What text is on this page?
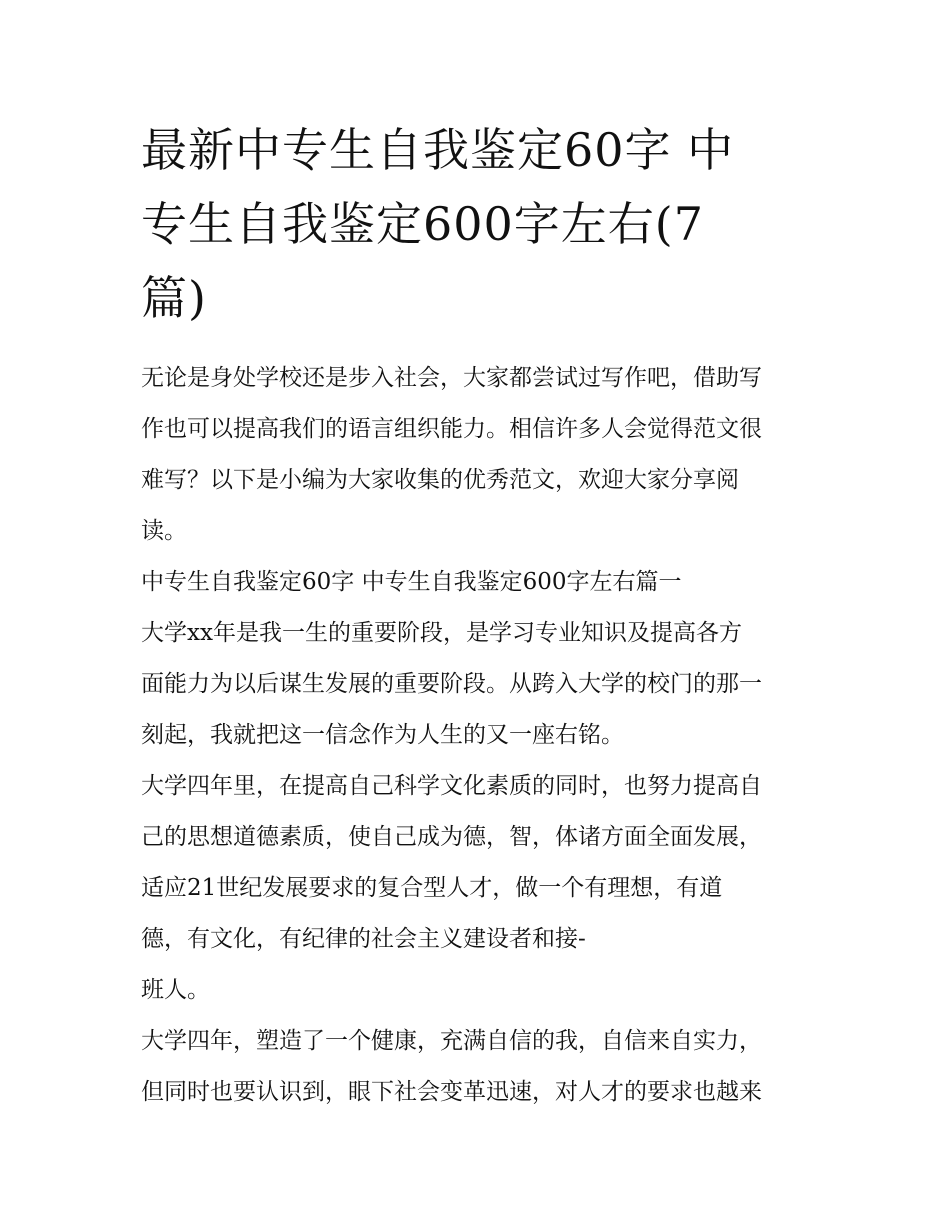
最新中专生自我鉴定60字 中
专生自我鉴定600字左右(7
篇)
无论是身处学校还是步入社会，大家都尝试过写作吧，借助写
作也可以提高我们的语言组织能力。相信许多人会觉得范文很
难写？以下是小编为大家收集的优秀范文，欢迎大家分享阅
读。
中专生自我鉴定60字 中专生自我鉴定600字左右篇一
大学xx年是我一生的重要阶段，是学习专业知识及提高各方
面能力为以后谋生发展的重要阶段。从跨入大学的校门的那一
刻起，我就把这一信念作为人生的又一座右铭。
大学四年里，在提高自己科学文化素质的同时，也努力提高自
己的思想道德素质，使自己成为德，智，体诸方面全面发展，
适应21世纪发展要求的复合型人才，做一个有理想，有道
德，有文化，有纪律的社会主义建设者和接-
班人。
大学四年，塑造了一个健康，充满自信的我，自信来自实力，
但同时也要认识到，眼下社会变革迅速，对人才的要求也越来
